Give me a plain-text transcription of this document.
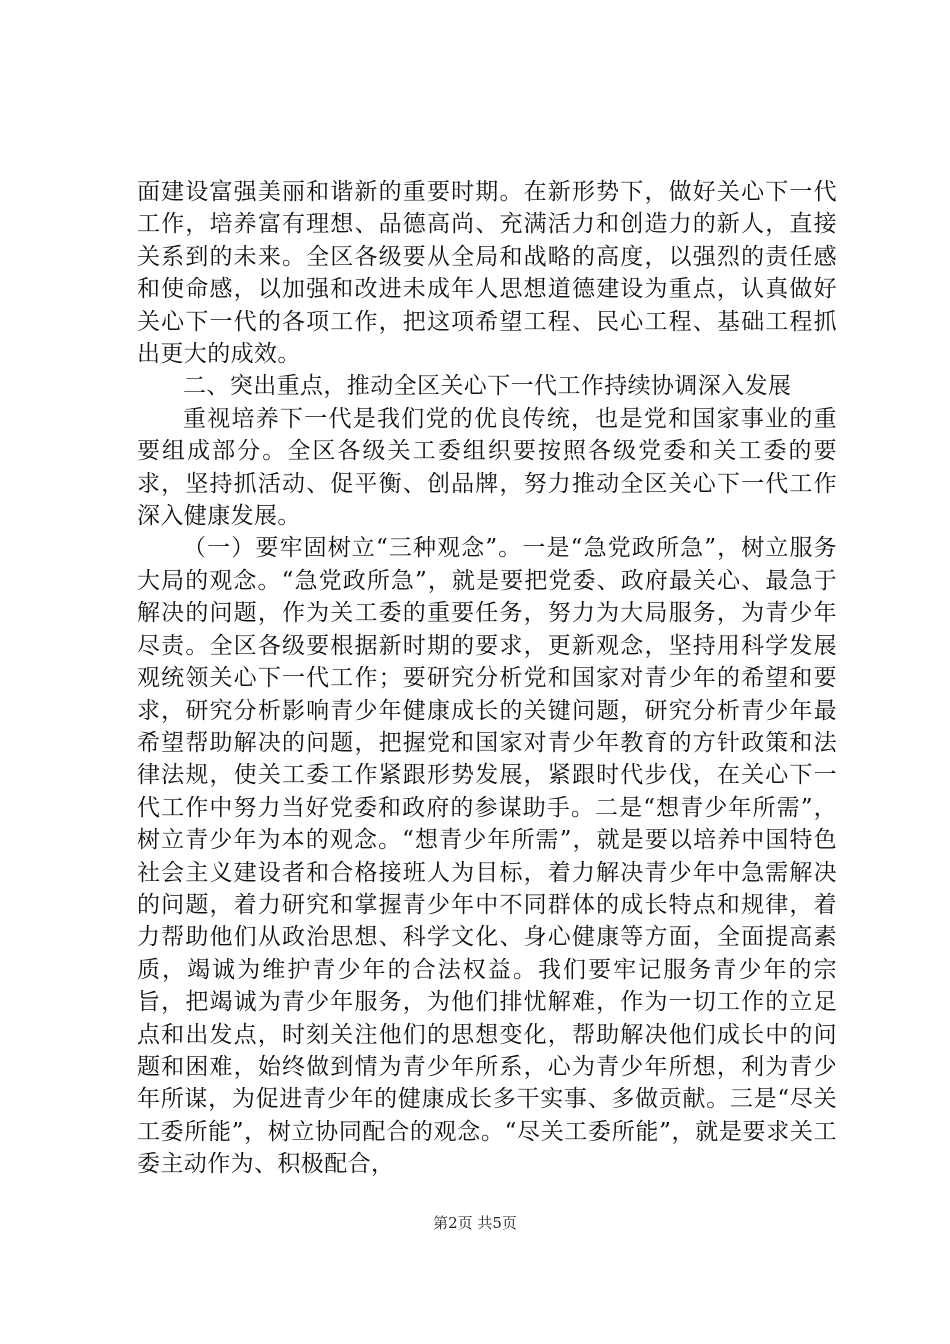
面建设富强美丽和谐新的重要时期。在新形势下，做好关心下一代工作，培养富有理想、品德高尚、充满活力和创造力的新人，直接关系到的未来。全区各级要从全局和战略的高度，以强烈的责任感和使命感，以加强和改进未成年人思想道德建设为重点，认真做好关心下一代的各项工作，把这项希望工程、民心工程、基础工程抓出更大的成效。

二、突出重点，推动全区关心下一代工作持续协调深入发展

重视培养下一代是我们党的优良传统，也是党和国家事业的重要组成部分。全区各级关工委组织要按照各级党委和关工委的要求，坚持抓活动、促平衡、创品牌，努力推动全区关心下一代工作深入健康发展。

（一）要牢固树立“三种观念”。一是“急党政所急”，树立服务大局的观念。“急党政所急”，就是要把党委、政府最关心、最急于解决的问题，作为关工委的重要任务，努力为大局服务，为青少年尽责。全区各级要根据新时期的要求，更新观念，坚持用科学发展观统领关心下一代工作；要研究分析党和国家对青少年的希望和要求，研究分析影响青少年健康成长的关键问题，研究分析青少年最希望帮助解决的问题，把握党和国家对青少年教育的方针政策和法律法规，使关工委工作紧跟形势发展，紧跟时代步伐，在关心下一代工作中努力当好党委和政府的参谋助手。二是“想青少年所需”，树立青少年为本的观念。“想青少年所需”，就是要以培养中国特色社会主义建设者和合格接班人为目标，着力解决青少年中急需解决的问题，着力研究和掌握青少年中不同群体的成长特点和规律，着力帮助他们从政治思想、科学文化、身心健康等方面，全面提高素质，竭诚为维护青少年的合法权益。我们要牢记服务青少年的宗旨，把竭诚为青少年服务，为他们排忧解难，作为一切工作的立足点和出发点，时刻关注他们的思想变化，帮助解决他们成长中的问题和困难，始终做到情为青少年所系，心为青少年所想，利为青少年所谋，为促进青少年的健康成长多干实事、多做贡献。三是“尽关工委所能”，树立协同配合的观念。“尽关工委所能”，就是要求关工委主动作为、积极配合，

第2页 共5页
